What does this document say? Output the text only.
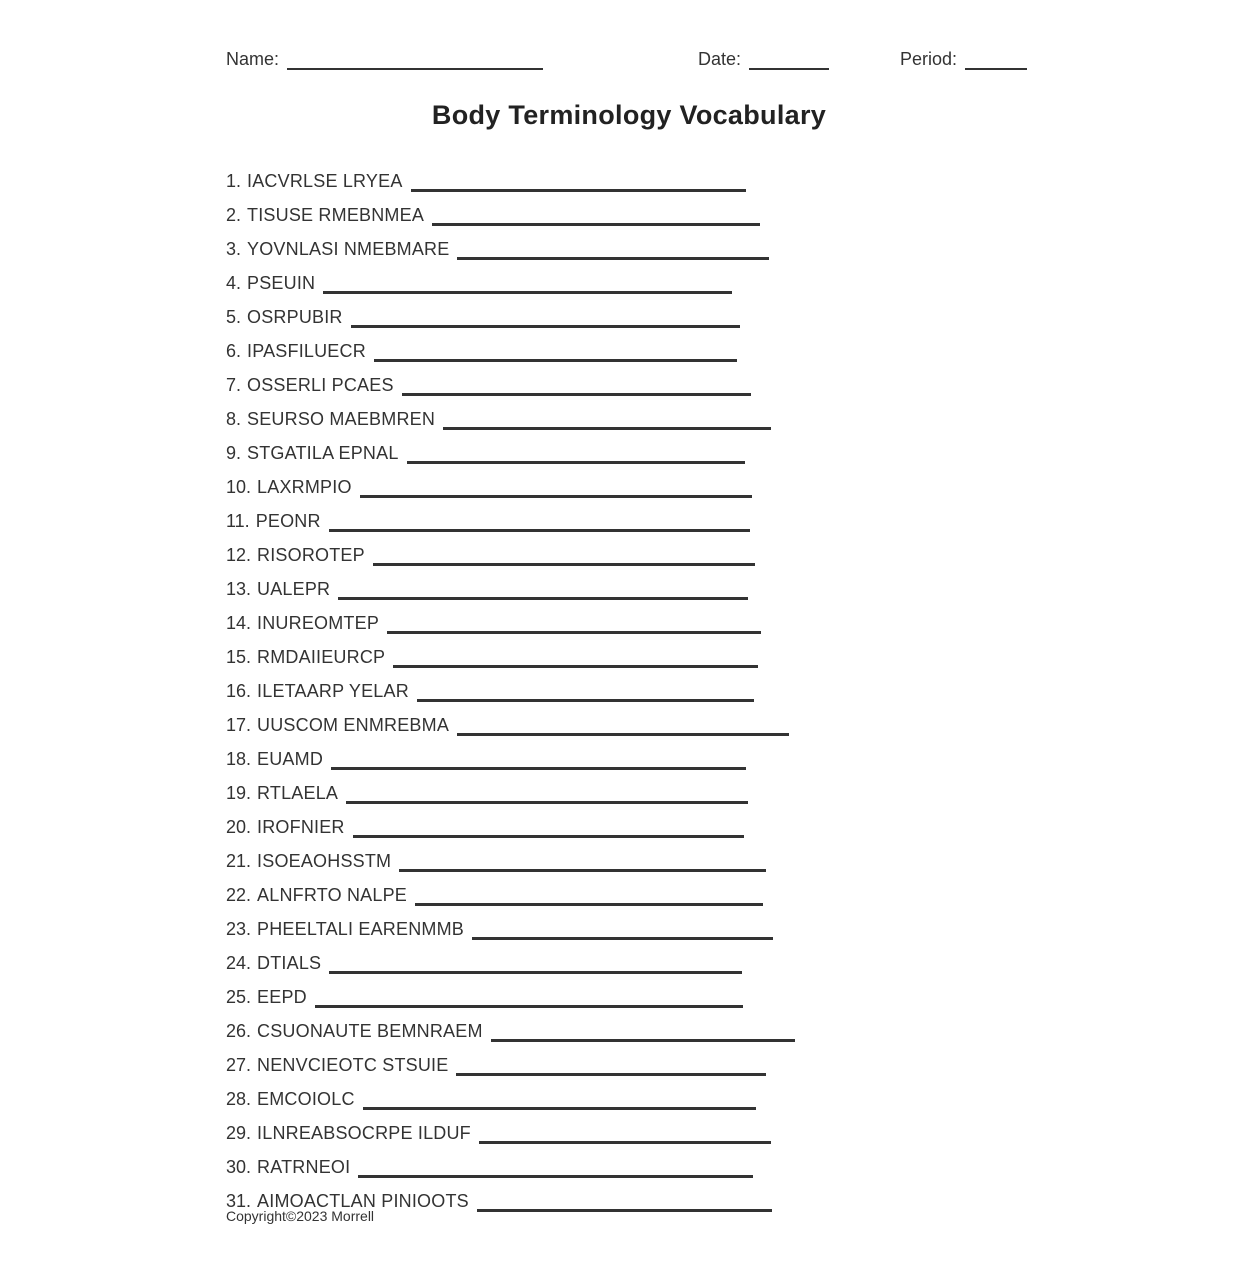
Name:	Date:	Period:
Body Terminology Vocabulary
1. IACVRLSE LRYEA
2. TISUSE RMEBNMEA
3. YOVNLASI NMEBMARE
4. PSEUIN
5. OSRPUBIR
6. IPASFILUECR
7. OSSERLI PCAES
8. SEURSO MAEBMREN
9. STGATILA EPNAL
10. LAXRMPIO
11. PEONR
12. RISOROTEP
13. UALEPR
14. INUREOMTEP
15. RMDAIIEURCP
16. ILETAARP YELAR
17. UUSCOM ENMREBMA
18. EUAMD
19. RTLAELA
20. IROFNIER
21. ISOEAOHSSTM
22. ALNFRTO NALPE
23. PHEELTALI EARENMMB
24. DTIALS
25. EEPD
26. CSUONAUTE BEMNRAEM
27. NENVCIEOTC STSUIE
28. EMCOIOLC
29. ILNREABSOCRPE ILDUF
30. RATRNEOI
31. AIMOACTLAN PINIOOTS
Copyright©2023 Morrell
